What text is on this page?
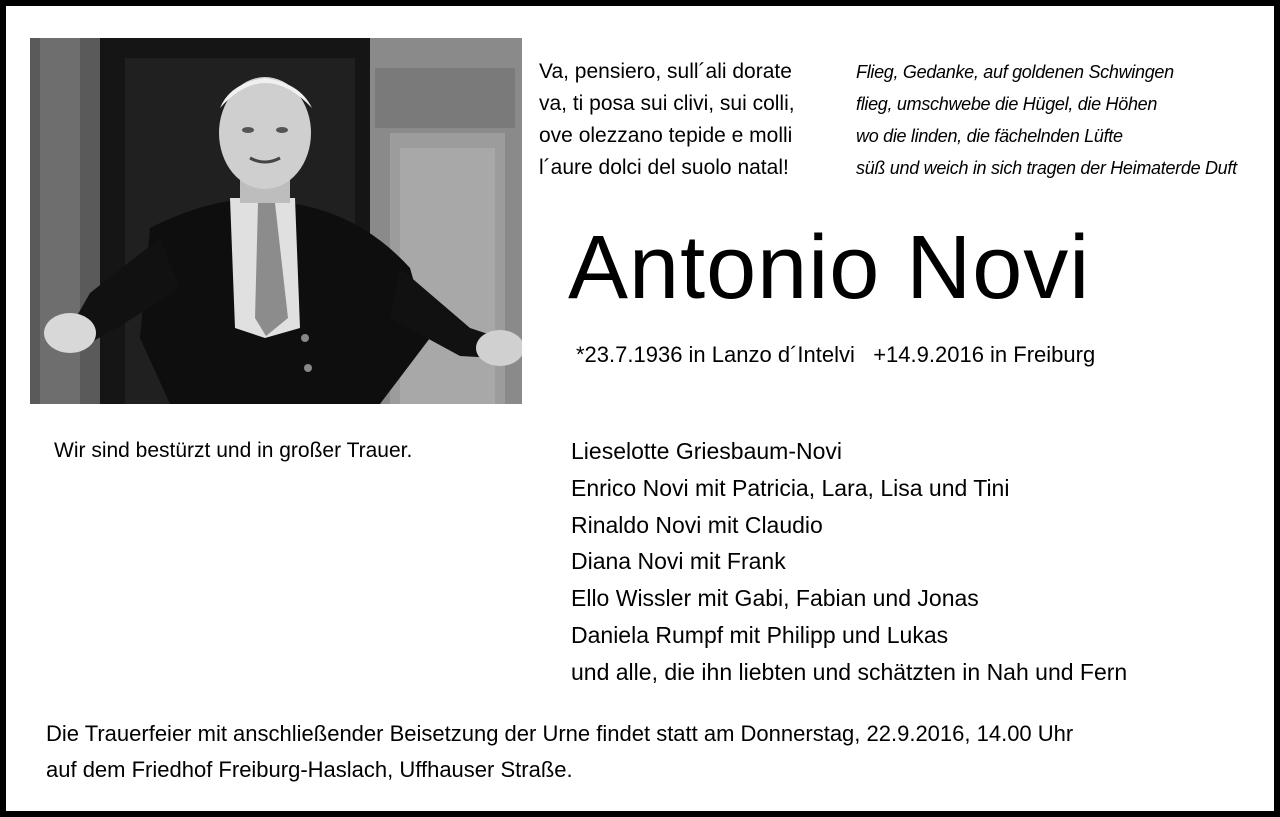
Va, pensiero, sull´ali dorate
va, ti posa sui clivi, sui colli,
ove olezzano tepide e molli
l´aure dolci del suolo natal!
Flieg, Gedanke, auf goldenen Schwingen
flieg, umschwebe die Hügel, die Höhen
wo die linden, die fächelnden Lüfte
süß und weich in sich tragen der Heimaterde Duft
Antonio Novi
*23.7.1936 in Lanzo d´Intelvi   +14.9.2016 in Freiburg
Wir sind bestürzt und in großer Trauer.	Lieselotte Griesbaum-Novi
Enrico Novi mit Patricia, Lara, Lisa und Tini
Rinaldo Novi mit Claudio
Diana Novi mit Frank
Ello Wissler mit Gabi, Fabian und Jonas
Daniela Rumpf mit Philipp und Lukas
und alle, die ihn liebten und schätzten in Nah und Fern
Die Trauerfeier mit anschließender Beisetzung der Urne findet statt am Donnerstag, 22.9.2016, 14.00 Uhr
auf dem Friedhof Freiburg-Haslach, Uffhauser Straße.
